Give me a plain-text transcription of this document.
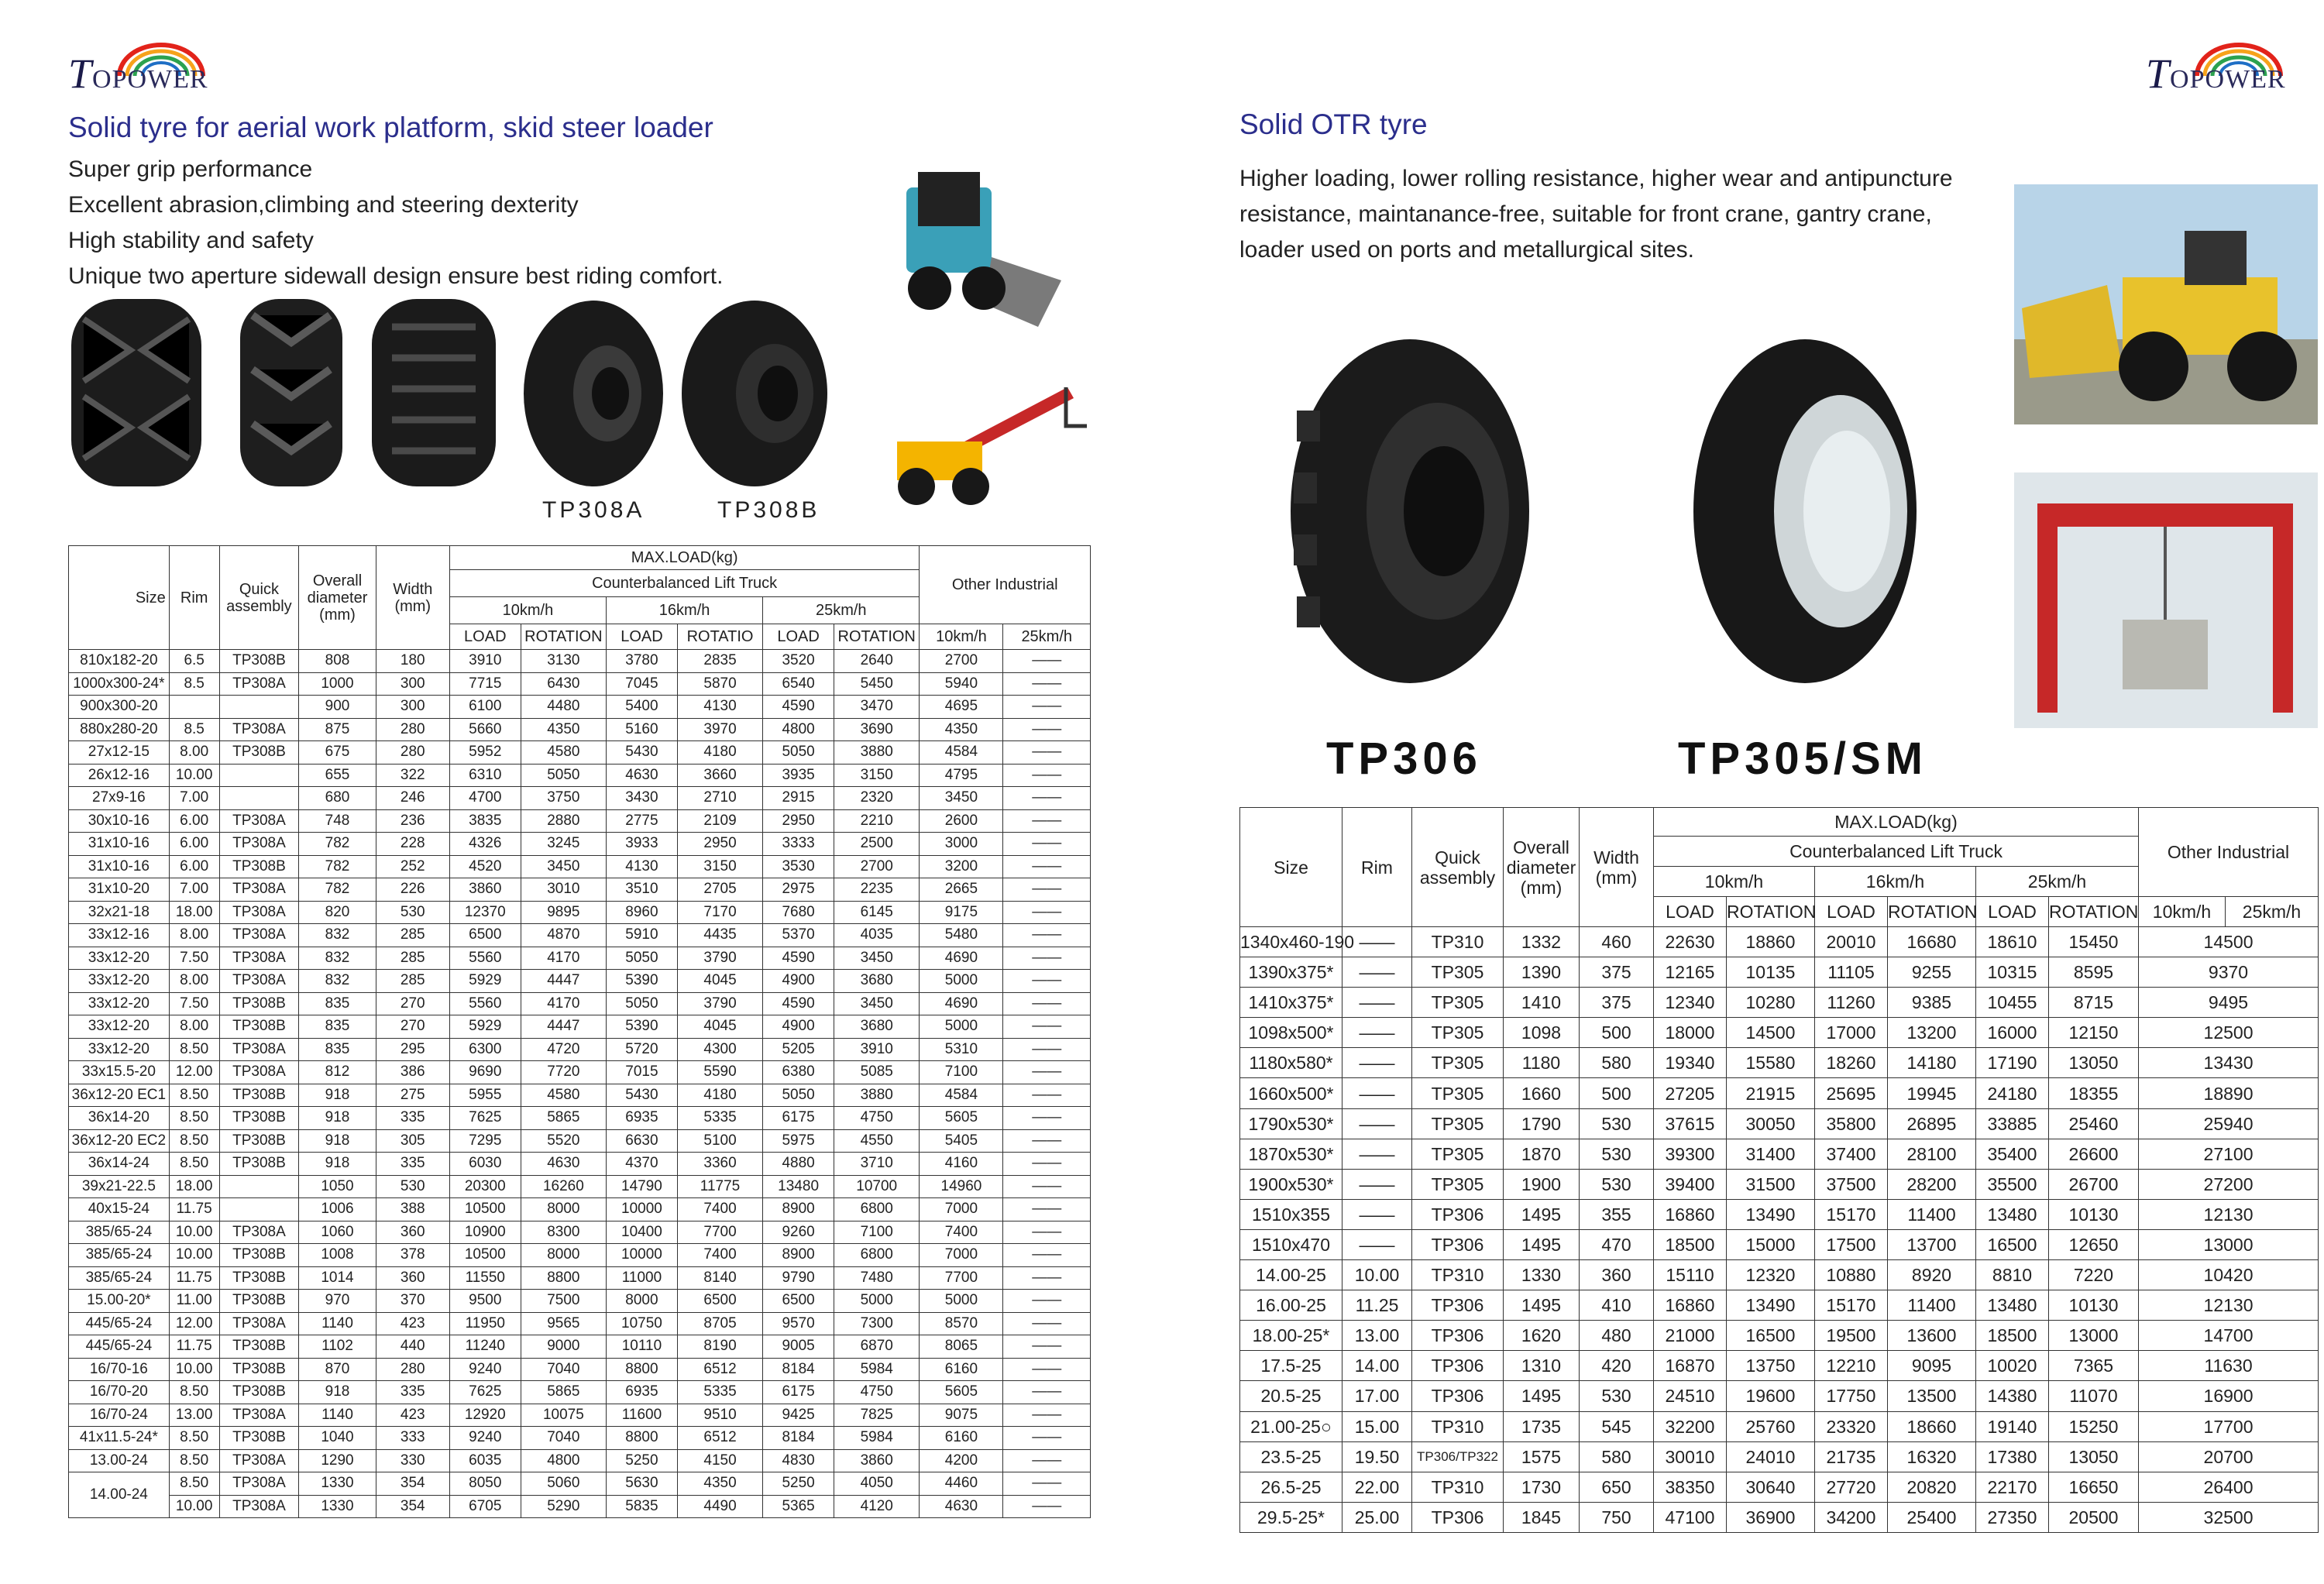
TOPOWER	TOPOWER
Solid tyre for aerial work platform, skid steer loader
Super grip performance
Excellent abrasion,climbing and steering dexterity
High stability and safety
Unique two aperture sidewall design ensure best riding comfort.
TP308A	TP308B
Size	Rim	Quick assembly	Overall diameter (mm)	Width (mm)	MAX.LOAD(kg)						Other Industrial	
					Counterbalanced Lift Truck							
					10km/h		16km/h		25km/h			
					LOAD	ROTATION	LOAD	ROTATIO	LOAD	ROTATION	10km/h	25km/h
810x182-20	6.5	TP308B	808	180	3910	3130	3780	2835	3520	2640	2700	——
1000x300-24*	8.5	TP308A	1000	300	7715	6430	7045	5870	6540	5450	5940	——
900x300-20			900	300	6100	4480	5400	4130	4590	3470	4695	——
880x280-20	8.5	TP308A	875	280	5660	4350	5160	3970	4800	3690	4350	——
27x12-15	8.00	TP308B	675	280	5952	4580	5430	4180	5050	3880	4584	——
26x12-16	10.00		655	322	6310	5050	4630	3660	3935	3150	4795	——
27x9-16	7.00		680	246	4700	3750	3430	2710	2915	2320	3450	——
30x10-16	6.00	TP308A	748	236	3835	2880	2775	2109	2950	2210	2600	——
31x10-16	6.00	TP308A	782	228	4326	3245	3933	2950	3333	2500	3000	——
31x10-16	6.00	TP308B	782	252	4520	3450	4130	3150	3530	2700	3200	——
31x10-20	7.00	TP308A	782	226	3860	3010	3510	2705	2975	2235	2665	——
32x21-18	18.00	TP308A	820	530	12370	9895	8960	7170	7680	6145	9175	——
33x12-16	8.00	TP308A	832	285	6500	4870	5910	4435	5370	4035	5480	——
33x12-20	7.50	TP308A	832	285	5560	4170	5050	3790	4590	3450	4690	——
33x12-20	8.00	TP308A	832	285	5929	4447	5390	4045	4900	3680	5000	——
33x12-20	7.50	TP308B	835	270	5560	4170	5050	3790	4590	3450	4690	——
33x12-20	8.00	TP308B	835	270	5929	4447	5390	4045	4900	3680	5000	——
33x12-20	8.50	TP308A	835	295	6300	4720	5720	4300	5205	3910	5310	——
33x15.5-20	12.00	TP308A	812	386	9690	7720	7015	5590	6380	5085	7100	——
36x12-20 EC1	8.50	TP308B	918	275	5955	4580	5430	4180	5050	3880	4584	——
36x14-20	8.50	TP308B	918	335	7625	5865	6935	5335	6175	4750	5605	——
36x12-20 EC2	8.50	TP308B	918	305	7295	5520	6630	5100	5975	4550	5405	——
36x14-24	8.50	TP308B	918	335	6030	4630	4370	3360	4880	3710	4160	——
39x21-22.5	18.00		1050	530	20300	16260	14790	11775	13480	10700	14960	——
40x15-24	11.75		1006	388	10500	8000	10000	7400	8900	6800	7000	——
385/65-24	10.00	TP308A	1060	360	10900	8300	10400	7700	9260	7100	7400	——
385/65-24	10.00	TP308B	1008	378	10500	8000	10000	7400	8900	6800	7000	——
385/65-24	11.75	TP308B	1014	360	11550	8800	11000	8140	9790	7480	7700	——
15.00-20*	11.00	TP308B	970	370	9500	7500	8000	6500	6500	5000	5000	——
445/65-24	12.00	TP308A	1140	423	11950	9565	10750	8705	9570	7300	8570	——
445/65-24	11.75	TP308B	1102	440	11240	9000	10110	8190	9005	6870	8065	——
16/70-16	10.00	TP308B	870	280	9240	7040	8800	6512	8184	5984	6160	——
16/70-20	8.50	TP308B	918	335	7625	5865	6935	5335	6175	4750	5605	——
16/70-24	13.00	TP308A	1140	423	12920	10075	11600	9510	9425	7825	9075	——
41x11.5-24*	8.50	TP308B	1040	333	9240	7040	8800	6512	8184	5984	6160	——
13.00-24	8.50	TP308A	1290	330	6035	4800	5250	4150	4830	3860	4200	——
14.00-24	8.50	TP308A	1330	354	8050	5060	5630	4350	5250	4050	4460	——
	10.00	TP308A	1330	354	6705	5290	5835	4490	5365	4120	4630	——
Solid OTR tyre
Higher loading, lower rolling resistance, higher wear and antipuncture resistance, maintanance-free, suitable for front crane, gantry crane, loader used on ports and metallurgical sites.
TP306	TP305/SM
Size	Rim	Quick assembly	Overall diameter (mm)	Width (mm)	MAX.LOAD(kg)						Other Industrial	
					Counterbalanced Lift Truck							
					10km/h		16km/h		25km/h			
					LOAD	ROTATION	LOAD	ROTATION	LOAD	ROTATION	10km/h	25km/h
1340x460-190	——	TP310	1332	460	22630	18860	20010	16680	18610	15450	14500	
1390x375*	——	TP305	1390	375	12165	10135	11105	9255	10315	8595	9370	
1410x375*	——	TP305	1410	375	12340	10280	11260	9385	10455	8715	9495	
1098x500*	——	TP305	1098	500	18000	14500	17000	13200	16000	12150	12500	
1180x580*	——	TP305	1180	580	19340	15580	18260	14180	17190	13050	13430	
1660x500*	——	TP305	1660	500	27205	21915	25695	19945	24180	18355	18890	
1790x530*	——	TP305	1790	530	37615	30050	35800	26895	33885	25460	25940	
1870x530*	——	TP305	1870	530	39300	31400	37400	28100	35400	26600	27100	
1900x530*	——	TP305	1900	530	39400	31500	37500	28200	35500	26700	27200	
1510x355	——	TP306	1495	355	16860	13490	15170	11400	13480	10130	12130	
1510x470	——	TP306	1495	470	18500	15000	17500	13700	16500	12650	13000	
14.00-25	10.00	TP310	1330	360	15110	12320	10880	8920	8810	7220	10420	
16.00-25	11.25	TP306	1495	410	16860	13490	15170	11400	13480	10130	12130	
18.00-25*	13.00	TP306	1620	480	21000	16500	19500	13600	18500	13000	14700	
17.5-25	14.00	TP306	1310	420	16870	13750	12210	9095	10020	7365	11630	
20.5-25	17.00	TP306	1495	530	24510	19600	17750	13500	14380	11070	16900	
21.00-25○	15.00	TP310	1735	545	32200	25760	23320	18660	19140	15250	17700	
23.5-25	19.50	TP306/TP322	1575	580	30010	24010	21735	16320	17380	13050	20700	
26.5-25	22.00	TP310	1730	650	38350	30640	27720	20820	22170	16650	26400	
29.5-25*	25.00	TP306	1845	750	47100	36900	34200	25400	27350	20500	32500	
